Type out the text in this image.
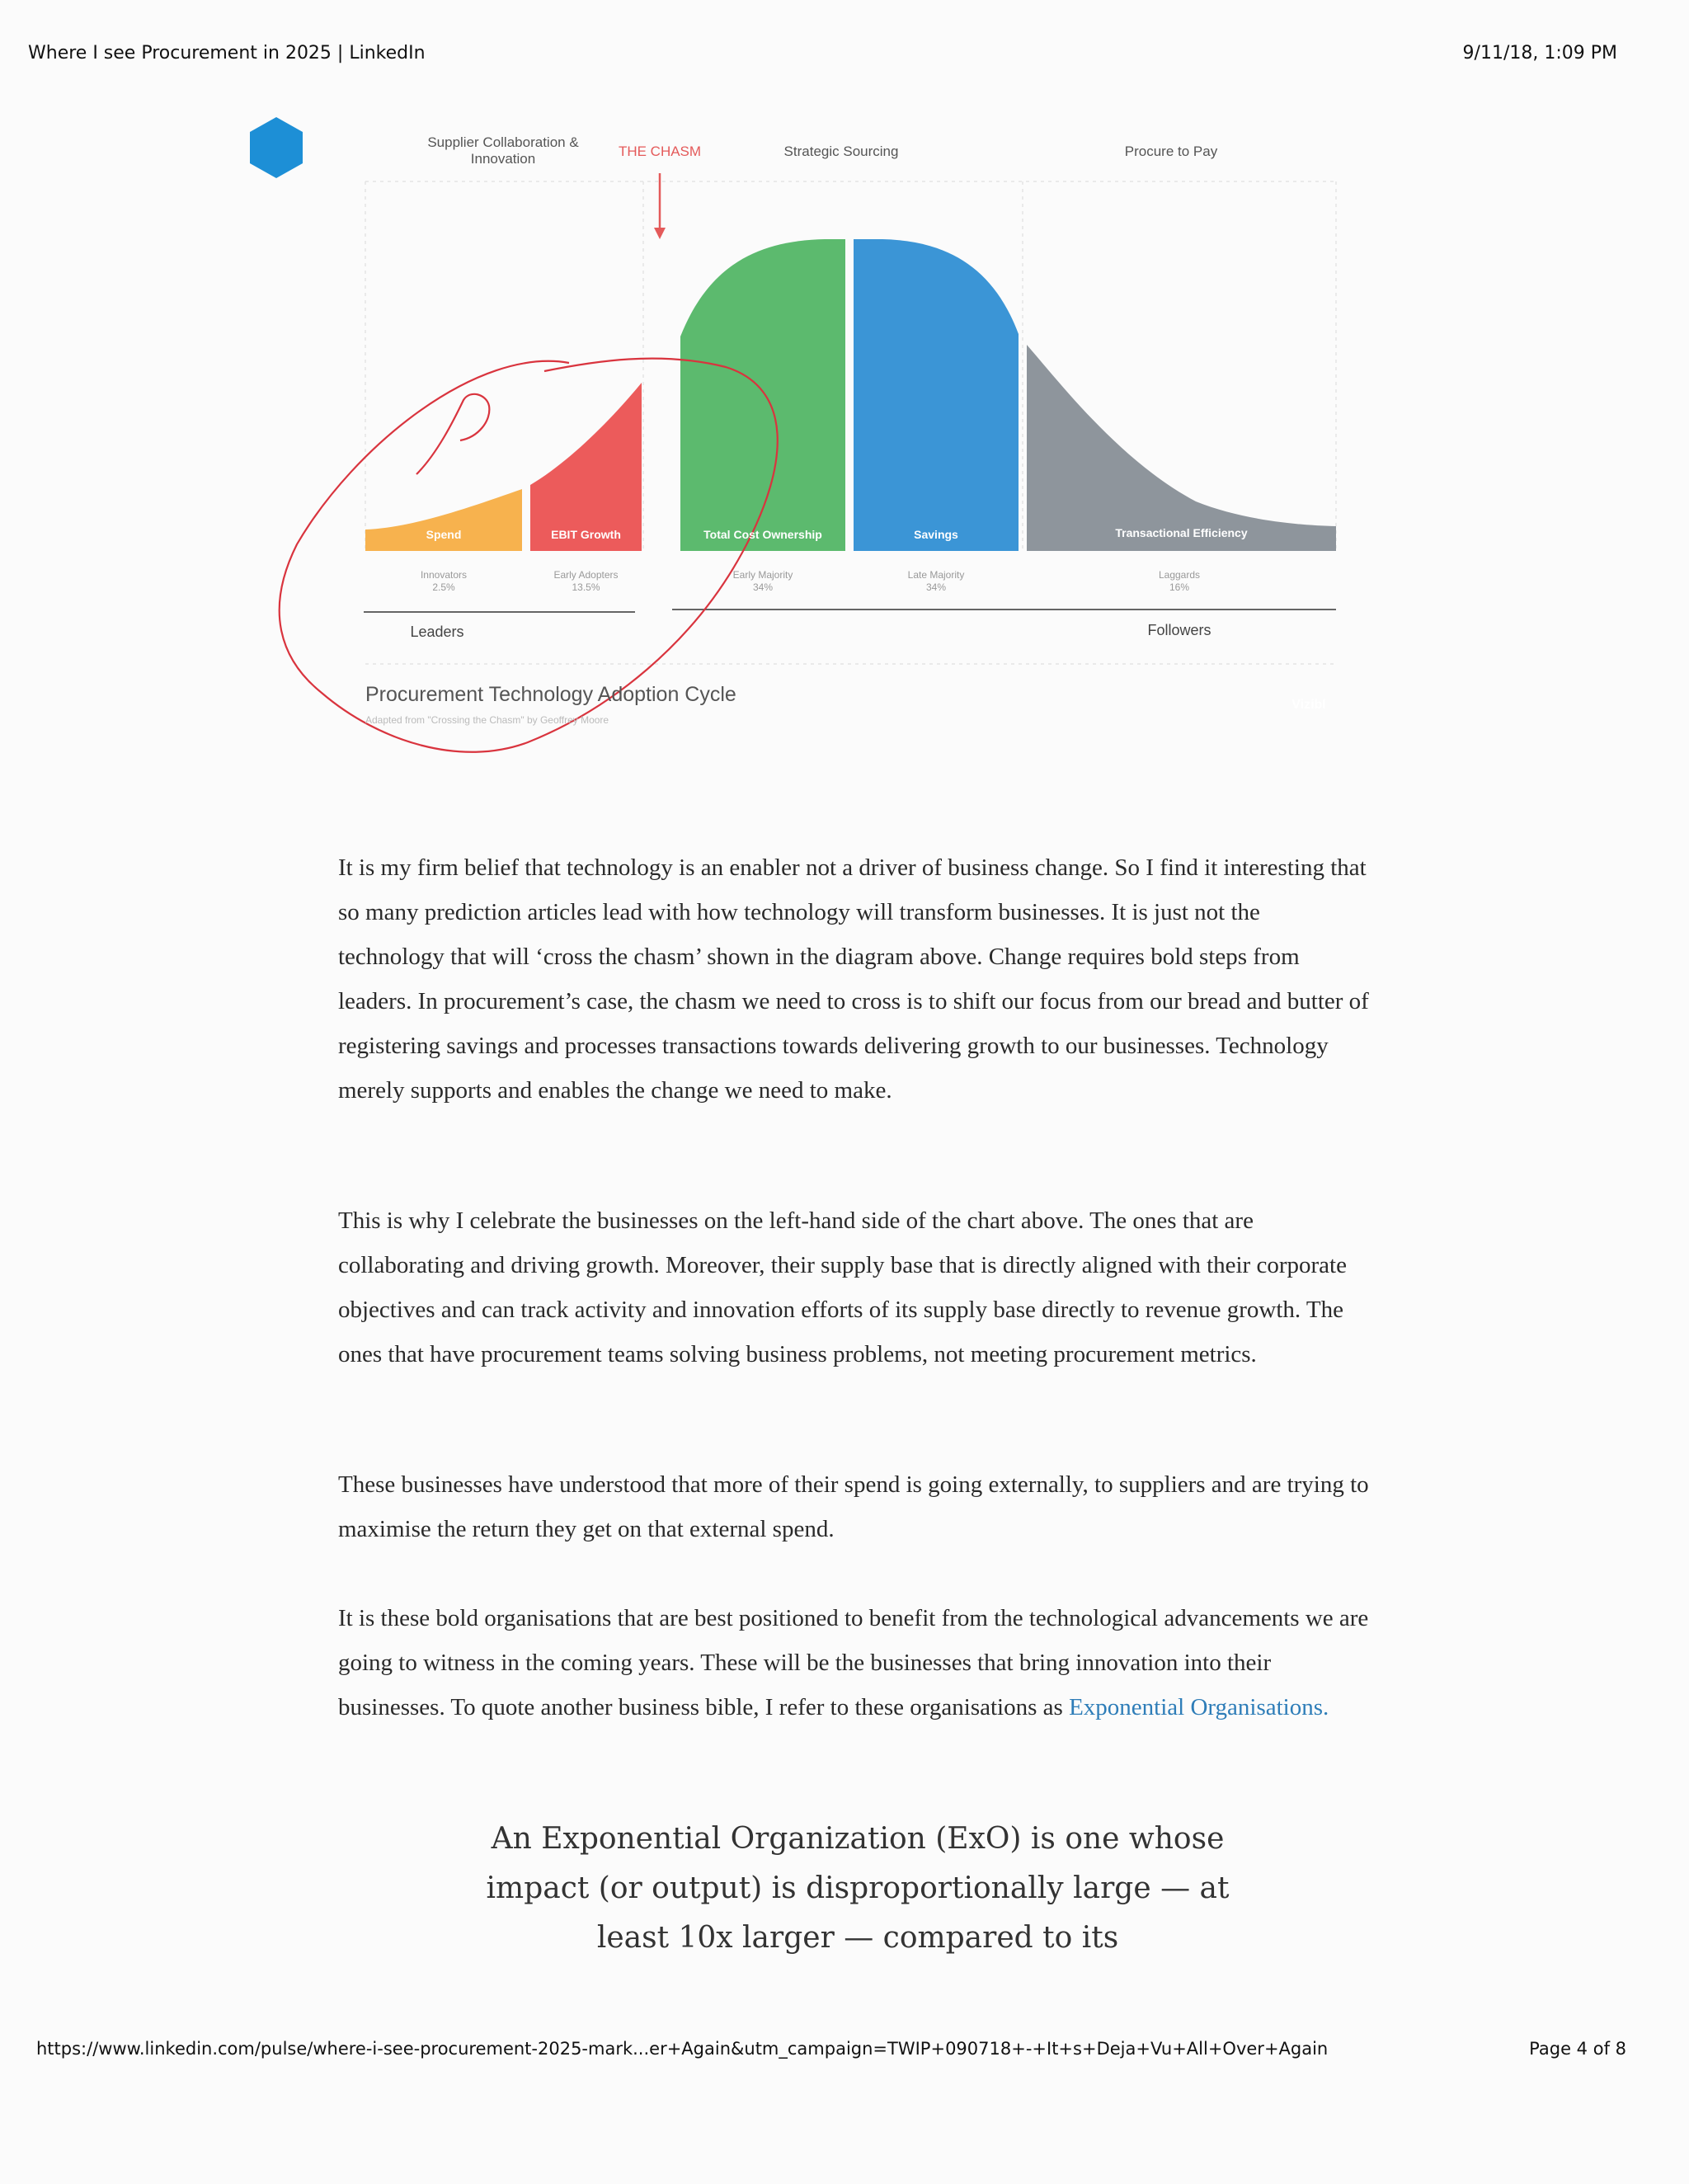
Where I see Procurement in 2025 | LinkedIn	9/11/18, 1:09 PM
Supplier Collaboration & Innovation	THE CHASM	Strategic Sourcing	Procure to Pay
Spend	EBIT Growth	Total Cost Ownership	Savings	Transactional Efficiency
Innovators
2.5%
Early Adopters
13.5%
Early Majority
34%
Late Majority
34%
Laggards
16%
Leaders	Followers
Procurement Technology Adoption Cycle
Adapted from "Crossing the Chasm" by Geoffrey Moore
Vizibl

It is my firm belief that technology is an enabler not a driver of business change. So I find it interesting that so many prediction articles lead with how technology will transform businesses. It is just not the technology that will ‘cross the chasm’ shown in the diagram above. Change requires bold steps from leaders. In procurement’s case, the chasm we need to cross is to shift our focus from our bread and butter of registering savings and processes transactions towards delivering growth to our businesses. Technology merely supports and enables the change we need to make.

This is why I celebrate the businesses on the left-hand side of the chart above. The ones that are collaborating and driving growth. Moreover, their supply base that is directly aligned with their corporate objectives and can track activity and innovation efforts of its supply base directly to revenue growth. The ones that have procurement teams solving business problems, not meeting procurement metrics.

These businesses have understood that more of their spend is going externally, to suppliers and are trying to maximise the return they get on that external spend.

It is these bold organisations that are best positioned to benefit from the technological advancements we are going to witness in the coming years. These will be the businesses that bring innovation into their businesses. To quote another business bible, I refer to these organisations as Exponential Organisations.

An Exponential Organization (ExO) is one whose impact (or output) is disproportionally large — at least 10x larger — compared to its
https://www.linkedin.com/pulse/where-i-see-procurement-2025-mark...er+Again&utm_campaign=TWIP+090718+-+It+s+Deja+Vu+All+Over+Again	Page 4 of 8
